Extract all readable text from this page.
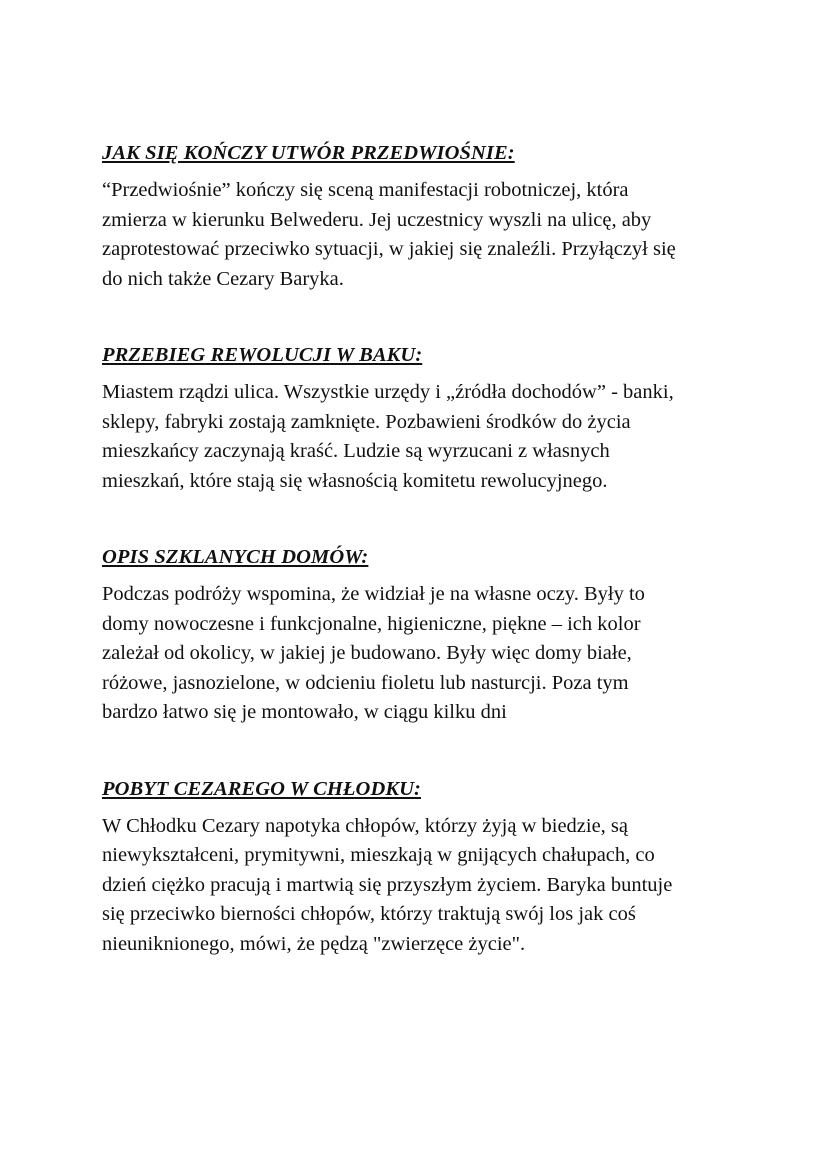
JAK SIĘ KOŃCZY UTWÓR PRZEDWIOŚNIE:

“Przedwiośnie” kończy się sceną manifestacji robotniczej, która
zmierza w kierunku Belwederu. Jej uczestnicy wyszli na ulicę, aby
zaprotestować przeciwko sytuacji, w jakiej się znaleźli. Przyłączył się
do nich także Cezary Baryka.

PRZEBIEG REWOLUCJI W BAKU:

Miastem rządzi ulica. Wszystkie urzędy i „źródła dochodów” - banki,
sklepy, fabryki zostają zamknięte. Pozbawieni środków do życia
mieszkańcy zaczynają kraść. Ludzie są wyrzucani z własnych
mieszkań, które stają się własnością komitetu rewolucyjnego.

OPIS SZKLANYCH DOMÓW:

Podczas podróży wspomina, że widział je na własne oczy. Były to
domy nowoczesne i funkcjonalne, higieniczne, piękne – ich kolor
zależał od okolicy, w jakiej je budowano. Były więc domy białe,
różowe, jasnozielone, w odcieniu fioletu lub nasturcji. Poza tym
bardzo łatwo się je montowało, w ciągu kilku dni

POBYT CEZAREGO W CHŁODKU:

W Chłodku Cezary napotyka chłopów, którzy żyją w biedzie, są
niewykształceni, prymitywni, mieszkają w gnijących chałupach, co
dzień ciężko pracują i martwią się przyszłym życiem. Baryka buntuje
się przeciwko bierności chłopów, którzy traktują swój los jak coś
nieuniknionego, mówi, że pędzą "zwierzęce życie".
